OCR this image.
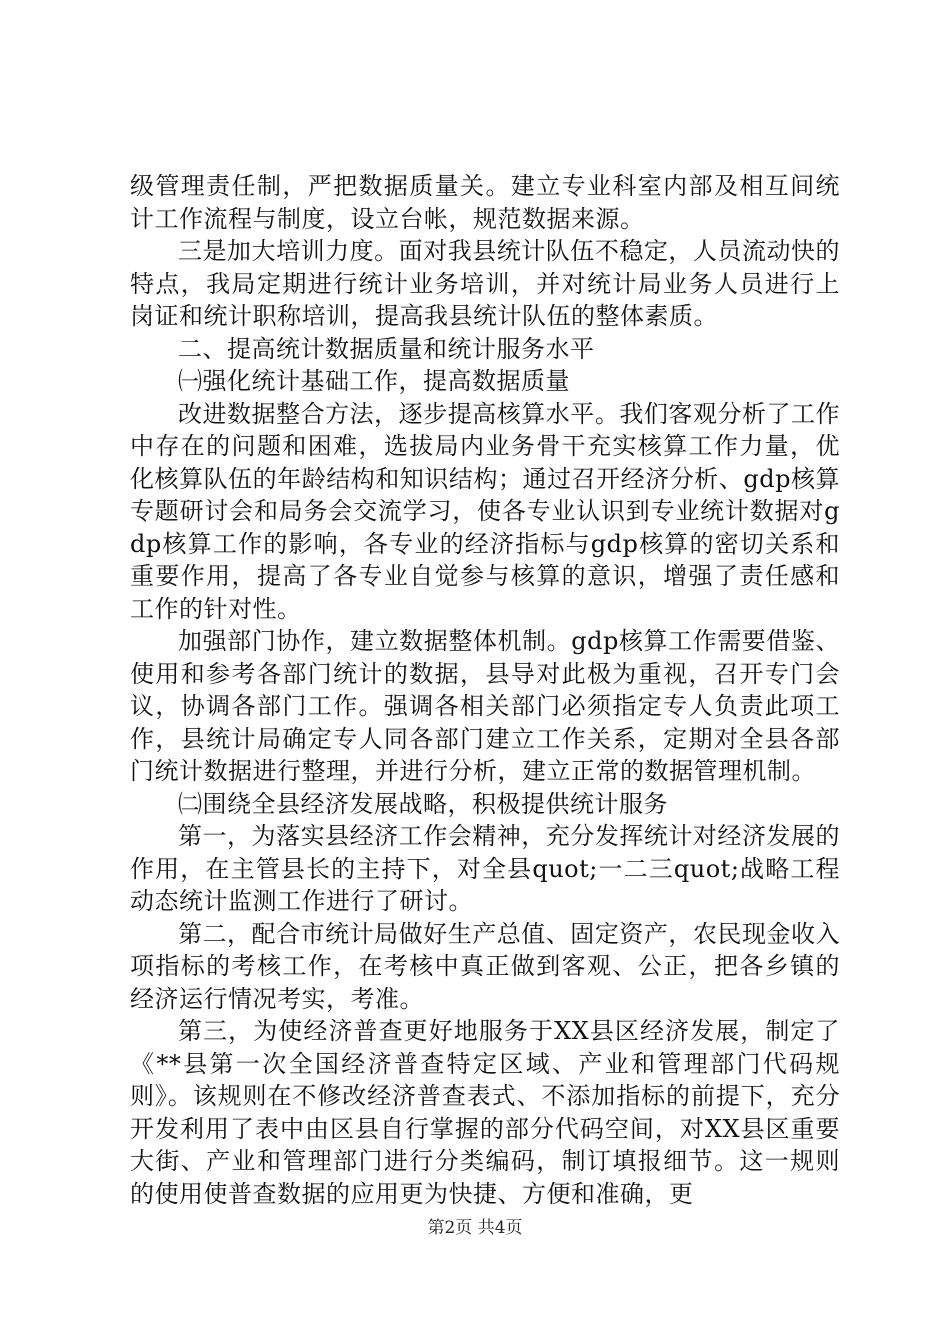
级管理责任制，严把数据质量关。建立专业科室内部及相互间统计工作流程与制度，设立台帐，规范数据来源。

三是加大培训力度。面对我县统计队伍不稳定，人员流动快的特点，我局定期进行统计业务培训，并对统计局业务人员进行上岗证和统计职称培训，提高我县统计队伍的整体素质。

二、提高统计数据质量和统计服务水平

㈠强化统计基础工作，提高数据质量

改进数据整合方法，逐步提高核算水平。我们客观分析了工作中存在的问题和困难，选拔局内业务骨干充实核算工作力量，优化核算队伍的年龄结构和知识结构；通过召开经济分析、gdp核算专题研讨会和局务会交流学习，使各专业认识到专业统计数据对gdp核算工作的影响，各专业的经济指标与gdp核算的密切关系和重要作用，提高了各专业自觉参与核算的意识，增强了责任感和工作的针对性。

加强部门协作，建立数据整体机制。gdp核算工作需要借鉴、使用和参考各部门统计的数据，县导对此极为重视，召开专门会议，协调各部门工作。强调各相关部门必须指定专人负责此项工作，县统计局确定专人同各部门建立工作关系，定期对全县各部门统计数据进行整理，并进行分析，建立正常的数据管理机制。

㈡围绕全县经济发展战略，积极提供统计服务

第一，为落实县经济工作会精神，充分发挥统计对经济发展的作用，在主管县长的主持下，对全县quot;一二三quot;战略工程动态统计监测工作进行了研讨。

第二，配合市统计局做好生产总值、固定资产，农民现金收入项指标的考核工作，在考核中真正做到客观、公正，把各乡镇的经济运行情况考实，考准。

第三，为使经济普查更好地服务于XX县区经济发展，制定了《**县第一次全国经济普查特定区域、产业和管理部门代码规则》。该规则在不修改经济普查表式、不添加指标的前提下，充分开发利用了表中由区县自行掌握的部分代码空间，对XX县区重要大街、产业和管理部门进行分类编码，制订填报细节。这一规则的使用使普查数据的应用更为快捷、方便和准确，更

第2页 共4页
